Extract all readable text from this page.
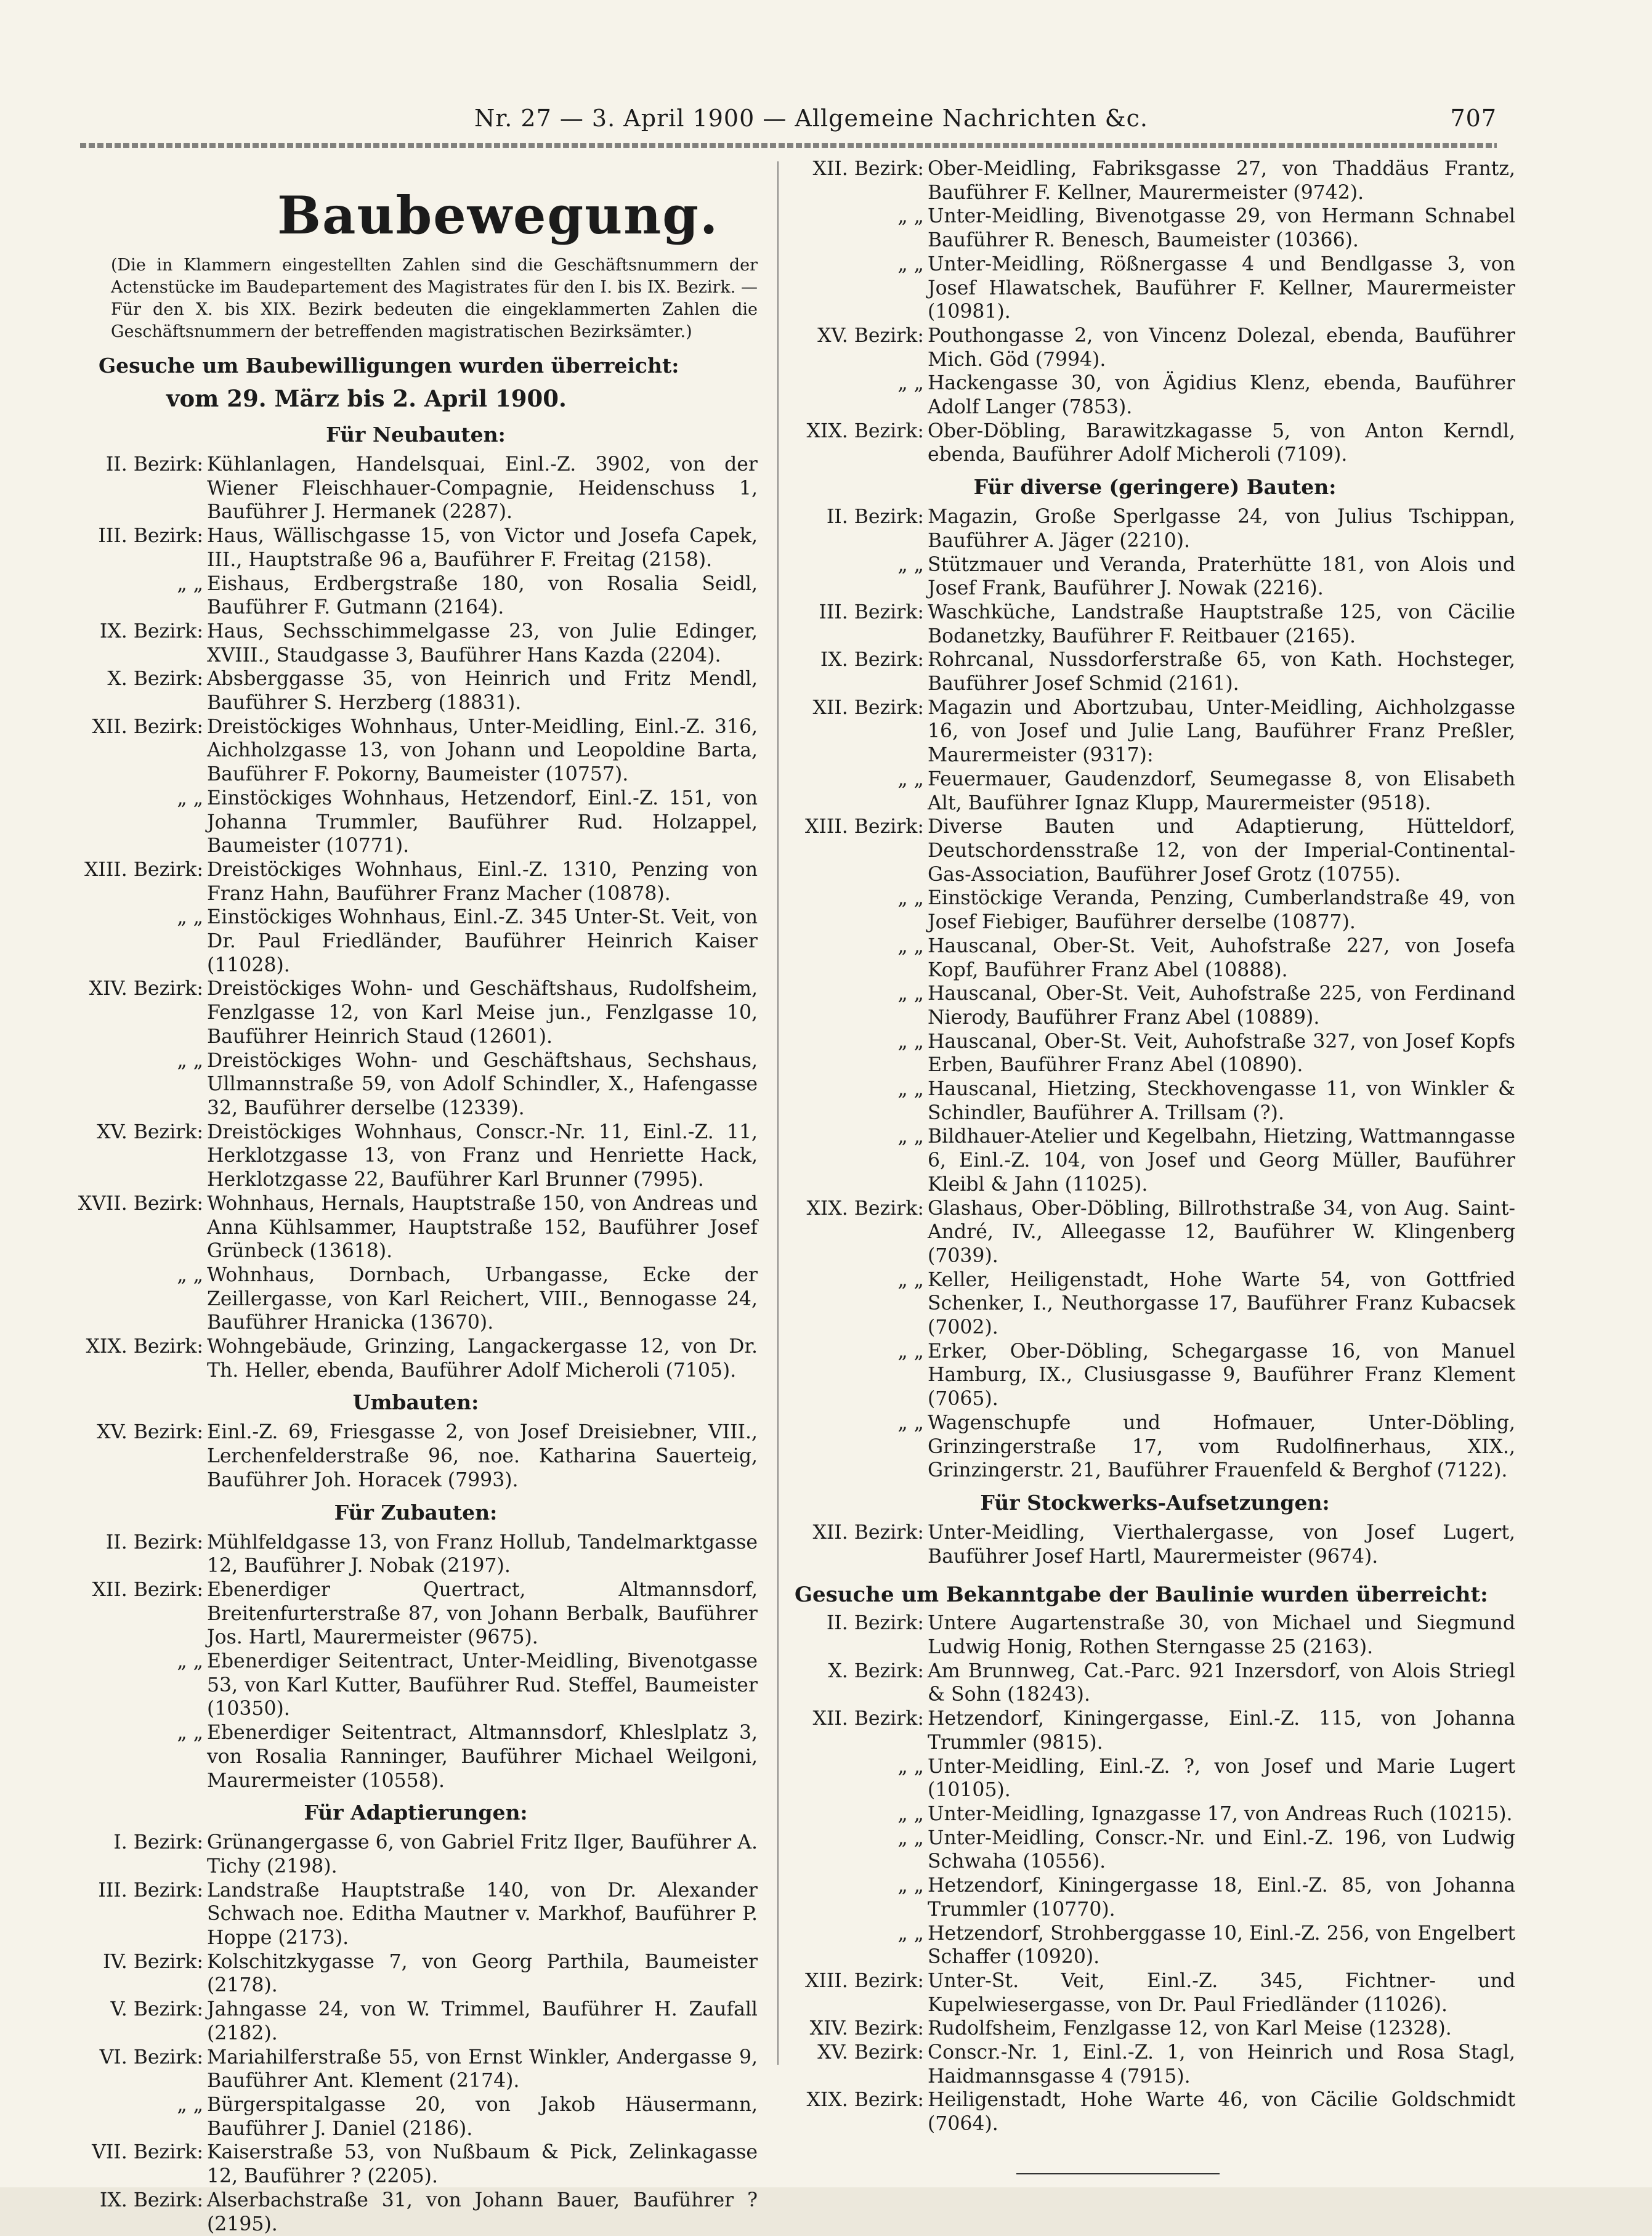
Nr. 27 — 3. April 1900 — Allgemeine Nachrichten &c.	707
Baubewegung.
(Die in Klammern eingestellten Zahlen sind die Geschäftsnummern der Actenstücke im Baudepartement des Magistrates für den I. bis IX. Bezirk. — Für den X. bis XIX. Bezirk bedeuten die eingeklammerten Zahlen die Geschäftsnummern der betreffenden magistratischen Bezirksämter.)
Gesuche um Baubewilligungen wurden überreicht:
vom 29. März bis 2. April 1900.
Für Neubauten:
II. Bezirk: Kühlanlagen, Handelsquai, Einl.-Z. 3902, von der Wiener Fleischhauer-Compagnie, Heidenschuss 1, Bauführer J. Hermanek (2287).
III. Bezirk: Haus, Wällischgasse 15, von Victor und Josefa Capek, III., Hauptstraße 96 a, Bauführer F. Freitag (2158).
„ „ Eishaus, Erdbergstraße 180, von Rosalia Seidl, Bauführer F. Gutmann (2164).
IX. Bezirk: Haus, Sechsschimmelgasse 23, von Julie Edinger, XVIII., Staudgasse 3, Bauführer Hans Kazda (2204).
X. Bezirk: Absberggasse 35, von Heinrich und Fritz Mendl, Bauführer S. Herzberg (18831).
XII. Bezirk: Dreistöckiges Wohnhaus, Unter-Meidling, Einl.-Z. 316, Aichholzgasse 13, von Johann und Leopoldine Barta, Bauführer F. Pokorny, Baumeister (10757).
„ „ Einstöckiges Wohnhaus, Hetzendorf, Einl.-Z. 151, von Johanna Trummler, Bauführer Rud. Holzappel, Baumeister (10771).
XIII. Bezirk: Dreistöckiges Wohnhaus, Einl.-Z. 1310, Penzing von Franz Hahn, Bauführer Franz Macher (10878).
„ „ Einstöckiges Wohnhaus, Einl.-Z. 345 Unter-St. Veit, von Dr. Paul Friedländer, Bauführer Heinrich Kaiser (11028).
XIV. Bezirk: Dreistöckiges Wohn- und Geschäftshaus, Rudolfsheim, Fenzlgasse 12, von Karl Meise jun., Fenzlgasse 10, Bauführer Heinrich Staud (12601).
„ „ Dreistöckiges Wohn- und Geschäftshaus, Sechshaus, Ullmannstraße 59, von Adolf Schindler, X., Hafengasse 32, Bauführer derselbe (12339).
XV. Bezirk: Dreistöckiges Wohnhaus, Conscr.-Nr. 11, Einl.-Z. 11, Herklotzgasse 13, von Franz und Henriette Hack, Herklotzgasse 22, Bauführer Karl Brunner (7995).
XVII. Bezirk: Wohnhaus, Hernals, Hauptstraße 150, von Andreas und Anna Kühlsammer, Hauptstraße 152, Bauführer Josef Grünbeck (13618).
„ „ Wohnhaus, Dornbach, Urbangasse, Ecke der Zeillergasse, von Karl Reichert, VIII., Bennogasse 24, Bauführer Hranicka (13670).
XIX. Bezirk: Wohngebäude, Grinzing, Langackergasse 12, von Dr. Th. Heller, ebenda, Bauführer Adolf Micheroli (7105).
Umbauten:
XV. Bezirk: Einl.-Z. 69, Friesgasse 2, von Josef Dreisiebner, VIII., Lerchenfelderstraße 96, noe. Katharina Sauerteig, Bauführer Joh. Horacek (7993).
Für Zubauten:
II. Bezirk: Mühlfeldgasse 13, von Franz Hollub, Tandelmarktgasse 12, Bauführer J. Nobak (2197).
XII. Bezirk: Ebenerdiger Quertract, Altmannsdorf, Breitenfurterstraße 87, von Johann Berbalk, Bauführer Jos. Hartl, Maurermeister (9675).
„ „ Ebenerdiger Seitentract, Unter-Meidling, Bivenotgasse 53, von Karl Kutter, Bauführer Rud. Steffel, Baumeister (10350).
„ „ Ebenerdiger Seitentract, Altmannsdorf, Khleslplatz 3, von Rosalia Ranninger, Bauführer Michael Weilgoni, Maurermeister (10558).
Für Adaptierungen:
I. Bezirk: Grünangergasse 6, von Gabriel Fritz Ilger, Bauführer A. Tichy (2198).
III. Bezirk: Landstraße Hauptstraße 140, von Dr. Alexander Schwach noe. Editha Mautner v. Markhof, Bauführer P. Hoppe (2173).
IV. Bezirk: Kolschitzkygasse 7, von Georg Parthila, Baumeister (2178).
V. Bezirk: Jahngasse 24, von W. Trimmel, Bauführer H. Zaufall (2182).
VI. Bezirk: Mariahilferstraße 55, von Ernst Winkler, Andergasse 9, Bauführer Ant. Klement (2174).
„ „ Bürgerspitalgasse 20, von Jakob Häusermann, Bauführer J. Daniel (2186).
VII. Bezirk: Kaiserstraße 53, von Nußbaum & Pick, Zelinkagasse 12, Bauführer ? (2205).
IX. Bezirk: Alserbachstraße 31, von Johann Bauer, Bauführer ? (2195).
XII. Bezirk: Ober-Meidling, Fabriksgasse 27, von Thaddäus Frantz, Bauführer F. Kellner, Maurermeister (9742).
„ „ Unter-Meidling, Bivenotgasse 29, von Hermann Schnabel Bauführer R. Benesch, Baumeister (10366).
„ „ Unter-Meidling, Rößnergasse 4 und Bendlgasse 3, von Josef Hlawatschek, Bauführer F. Kellner, Maurermeister (10981).
XV. Bezirk: Pouthongasse 2, von Vincenz Dolezal, ebenda, Bauführer Mich. Göd (7994).
„ „ Hackengasse 30, von Ägidius Klenz, ebenda, Bauführer Adolf Langer (7853).
XIX. Bezirk: Ober-Döbling, Barawitzkagasse 5, von Anton Kerndl, ebenda, Bauführer Adolf Micheroli (7109).
Für diverse (geringere) Bauten:
II. Bezirk: Magazin, Große Sperlgasse 24, von Julius Tschippan, Bauführer A. Jäger (2210).
„ „ Stützmauer und Veranda, Praterhütte 181, von Alois und Josef Frank, Bauführer J. Nowak (2216).
III. Bezirk: Waschküche, Landstraße Hauptstraße 125, von Cäcilie Bodanetzky, Bauführer F. Reitbauer (2165).
IX. Bezirk: Rohrcanal, Nussdorferstraße 65, von Kath. Hochsteger, Bauführer Josef Schmid (2161).
XII. Bezirk: Magazin und Abortzubau, Unter-Meidling, Aichholzgasse 16, von Josef und Julie Lang, Bauführer Franz Preßler, Maurermeister (9317):
„ „ Feuermauer, Gaudenzdorf, Seumegasse 8, von Elisabeth Alt, Bauführer Ignaz Klupp, Maurermeister (9518).
XIII. Bezirk: Diverse Bauten und Adaptierung, Hütteldorf, Deutschordensstraße 12, von der Imperial-Continental-Gas-Association, Bauführer Josef Grotz (10755).
„ „ Einstöckige Veranda, Penzing, Cumberlandstraße 49, von Josef Fiebiger, Bauführer derselbe (10877).
„ „ Hauscanal, Ober-St. Veit, Auhofstraße 227, von Josefa Kopf, Bauführer Franz Abel (10888).
„ „ Hauscanal, Ober-St. Veit, Auhofstraße 225, von Ferdinand Nierody, Bauführer Franz Abel (10889).
„ „ Hauscanal, Ober-St. Veit, Auhofstraße 327, von Josef Kopfs Erben, Bauführer Franz Abel (10890).
„ „ Hauscanal, Hietzing, Steckhovengasse 11, von Winkler & Schindler, Bauführer A. Trillsam (?).
„ „ Bildhauer-Atelier und Kegelbahn, Hietzing, Wattmanngasse 6, Einl.-Z. 104, von Josef und Georg Müller, Bauführer Kleibl & Jahn (11025).
XIX. Bezirk: Glashaus, Ober-Döbling, Billrothstraße 34, von Aug. Saint-André, IV., Alleegasse 12, Bauführer W. Klingenberg (7039).
„ „ Keller, Heiligenstadt, Hohe Warte 54, von Gottfried Schenker, I., Neuthorgasse 17, Bauführer Franz Kubacsek (7002).
„ „ Erker, Ober-Döbling, Schegargasse 16, von Manuel Hamburg, IX., Clusiusgasse 9, Bauführer Franz Klement (7065).
„ „ Wagenschupfe und Hofmauer, Unter-Döbling, Grinzingerstraße 17, vom Rudolfinerhaus, XIX., Grinzingerstr. 21, Bauführer Frauenfeld & Berghof (7122).
Für Stockwerks-Aufsetzungen:
XII. Bezirk: Unter-Meidling, Vierthalergasse, von Josef Lugert, Bauführer Josef Hartl, Maurermeister (9674).
Gesuche um Bekanntgabe der Baulinie wurden überreicht:
II. Bezirk: Untere Augartenstraße 30, von Michael und Siegmund Ludwig Honig, Rothen Sterngasse 25 (2163).
X. Bezirk: Am Brunnweg, Cat.-Parc. 921 Inzersdorf, von Alois Striegl & Sohn (18243).
XII. Bezirk: Hetzendorf, Kiningergasse, Einl.-Z. 115, von Johanna Trummler (9815).
„ „ Unter-Meidling, Einl.-Z. ?, von Josef und Marie Lugert (10105).
„ „ Unter-Meidling, Ignazgasse 17, von Andreas Ruch (10215).
„ „ Unter-Meidling, Conscr.-Nr. und Einl.-Z. 196, von Ludwig Schwaha (10556).
„ „ Hetzendorf, Kiningergasse 18, Einl.-Z. 85, von Johanna Trummler (10770).
„ „ Hetzendorf, Strohberggasse 10, Einl.-Z. 256, von Engelbert Schaffer (10920).
XIII. Bezirk: Unter-St. Veit, Einl.-Z. 345, Fichtner- und Kupelwiesergasse, von Dr. Paul Friedländer (11026).
XIV. Bezirk: Rudolfsheim, Fenzlgasse 12, von Karl Meise (12328).
XV. Bezirk: Conscr.-Nr. 1, Einl.-Z. 1, von Heinrich und Rosa Stagl, Haidmannsgasse 4 (7915).
XIX. Bezirk: Heiligenstadt, Hohe Warte 46, von Cäcilie Goldschmidt (7064).
